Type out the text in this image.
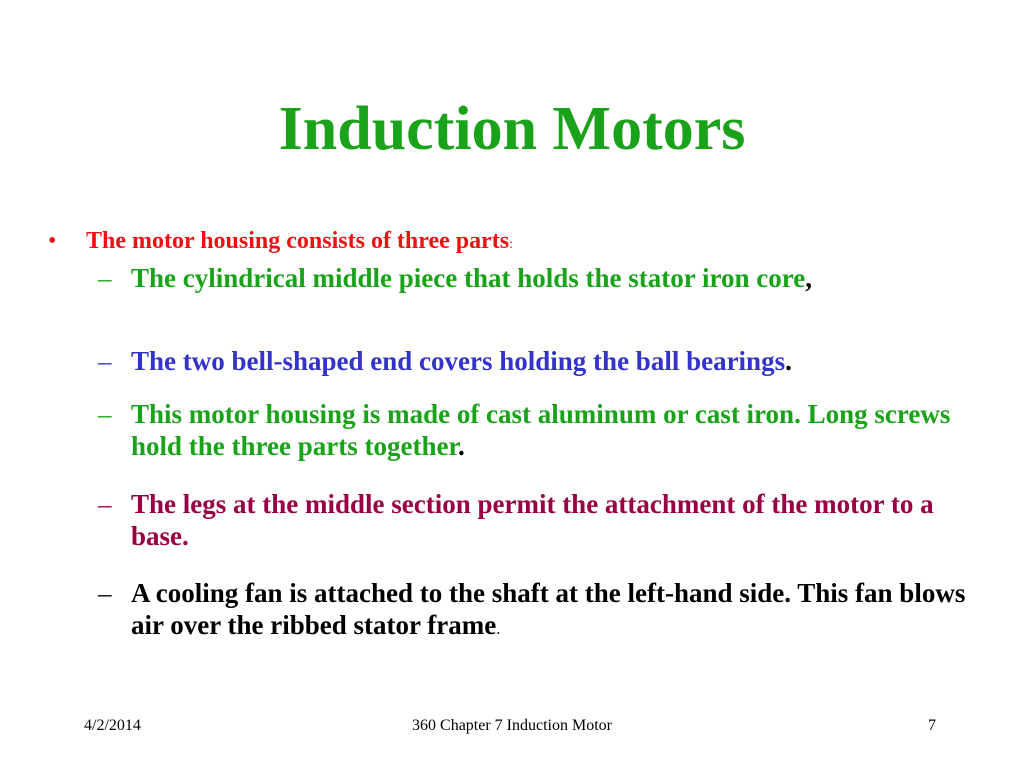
Induction Motors
• The motor housing consists of three parts:
– The cylindrical middle piece that holds the stator iron core,
– The two bell-shaped end covers holding the ball bearings.
– This motor housing is made of cast aluminum or cast iron. Long screws hold the three parts together.
– The legs at the middle section permit the attachment of the motor to a base.
– A cooling fan is attached to the shaft at the left-hand side. This fan blows air over the ribbed stator frame.
4/2/2014	360 Chapter 7 Induction Motor	7
